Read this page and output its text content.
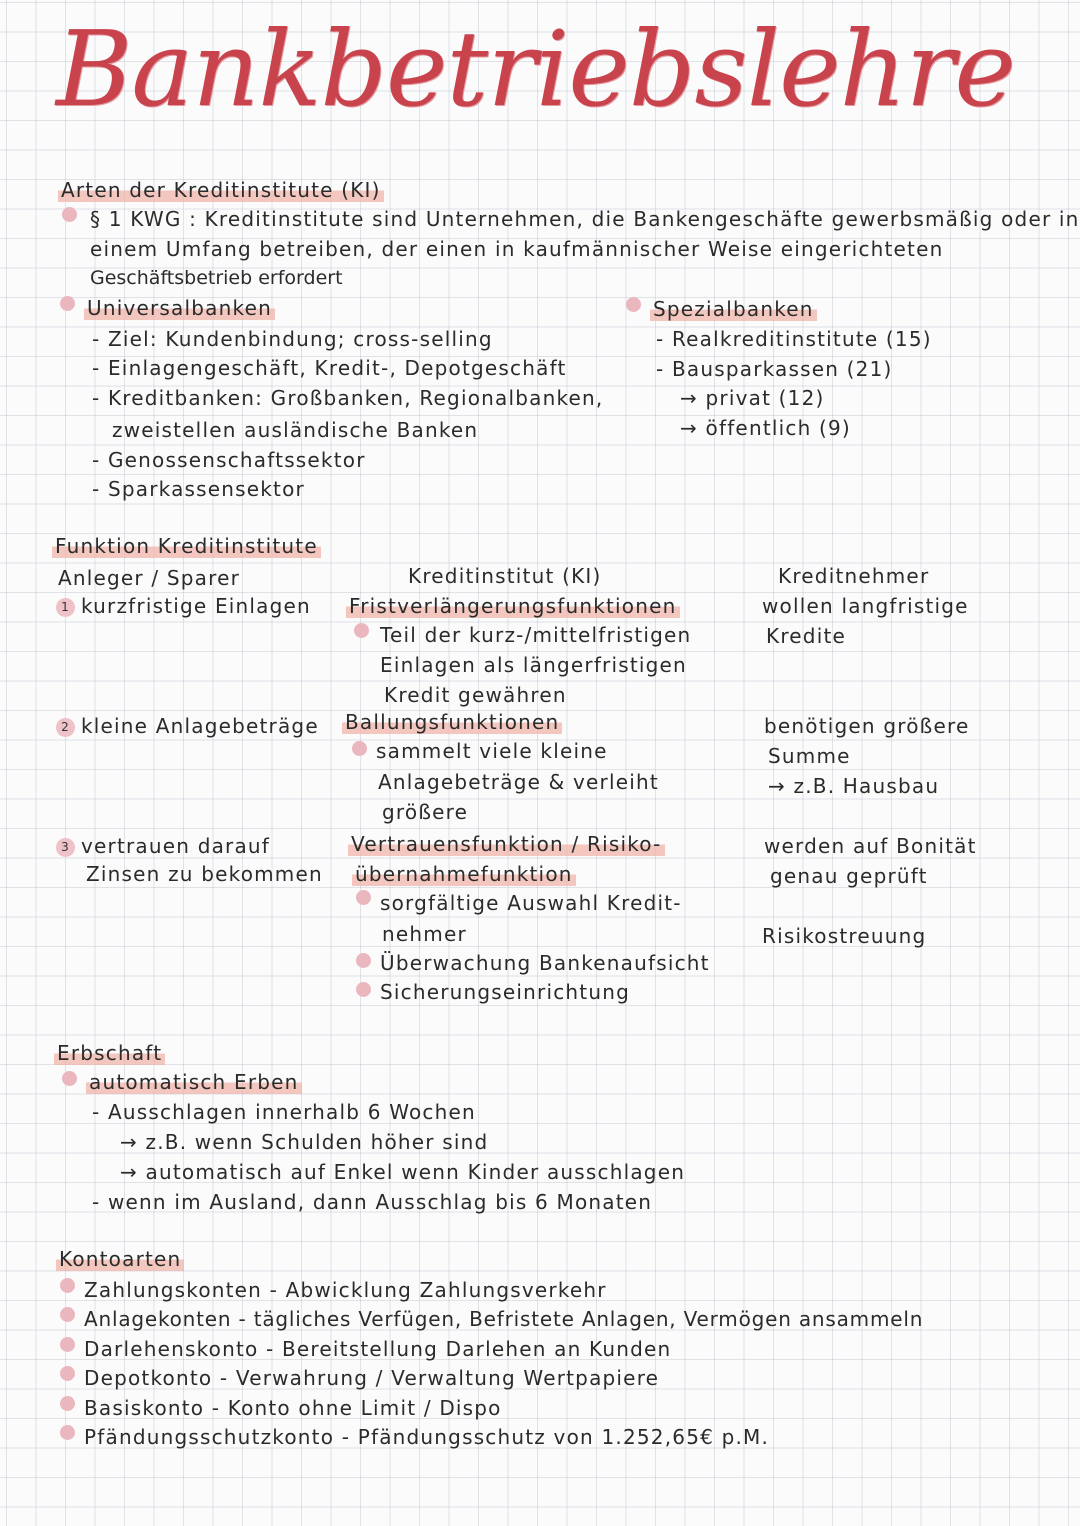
Bankbetriebslehre
Arten der Kreditinstitute (KI)
§ 1 KWG : Kreditinstitute sind Unternehmen, die Bankengeschäfte gewerbsmäßig oder in
einem Umfang betreiben, der einen in kaufmännischer Weise eingerichteten
Geschäftsbetrieb erfordert
Universalbanken
- Ziel: Kundenbindung; cross-selling
- Einlagengeschäft, Kredit-, Depotgeschäft
- Kreditbanken: Großbanken, Regionalbanken,
zweistellen ausländische Banken
- Genossenschaftssektor
- Sparkassensektor
Spezialbanken
- Realkreditinstitute (15)
- Bausparkassen (21)
→ privat (12)
→ öffentlich (9)
Funktion Kreditinstitute
Anleger / Sparer	Kreditinstitut (KI)	Kreditnehmer
1 kurzfristige Einlagen Fristverlängerungsfunktionen
Teil der kurz-/mittelfristigen
Einlagen als längerfristigen
Kredit gewähren
wollen langfristige
Kredite
2 kleine Anlagebeträge Ballungsfunktionen
sammelt viele kleine
Anlagebeträge & verleiht
größere
benötigen größere
Summe
→ z.B. Hausbau
3 vertrauen darauf
Zinsen zu bekommen
Vertrauensfunktion / Risiko-
übernahmefunktion
sorgfältige Auswahl Kredit-
nehmer
Überwachung Bankenaufsicht
Sicherungseinrichtung
werden auf Bonität
genau geprüft
Risikostreuung
Erbschaft
automatisch Erben
- Ausschlagen innerhalb 6 Wochen
→ z.B. wenn Schulden höher sind
→ automatisch auf Enkel wenn Kinder ausschlagen
- wenn im Ausland, dann Ausschlag bis 6 Monaten
Kontoarten
Zahlungskonten - Abwicklung Zahlungsverkehr
Anlagekonten - tägliches Verfügen, Befristete Anlagen, Vermögen ansammeln
Darlehenskonto - Bereitstellung Darlehen an Kunden
Depotkonto - Verwahrung / Verwaltung Wertpapiere
Basiskonto - Konto ohne Limit / Dispo
Pfändungsschutzkonto - Pfändungsschutz von 1.252,65€ p.M.
